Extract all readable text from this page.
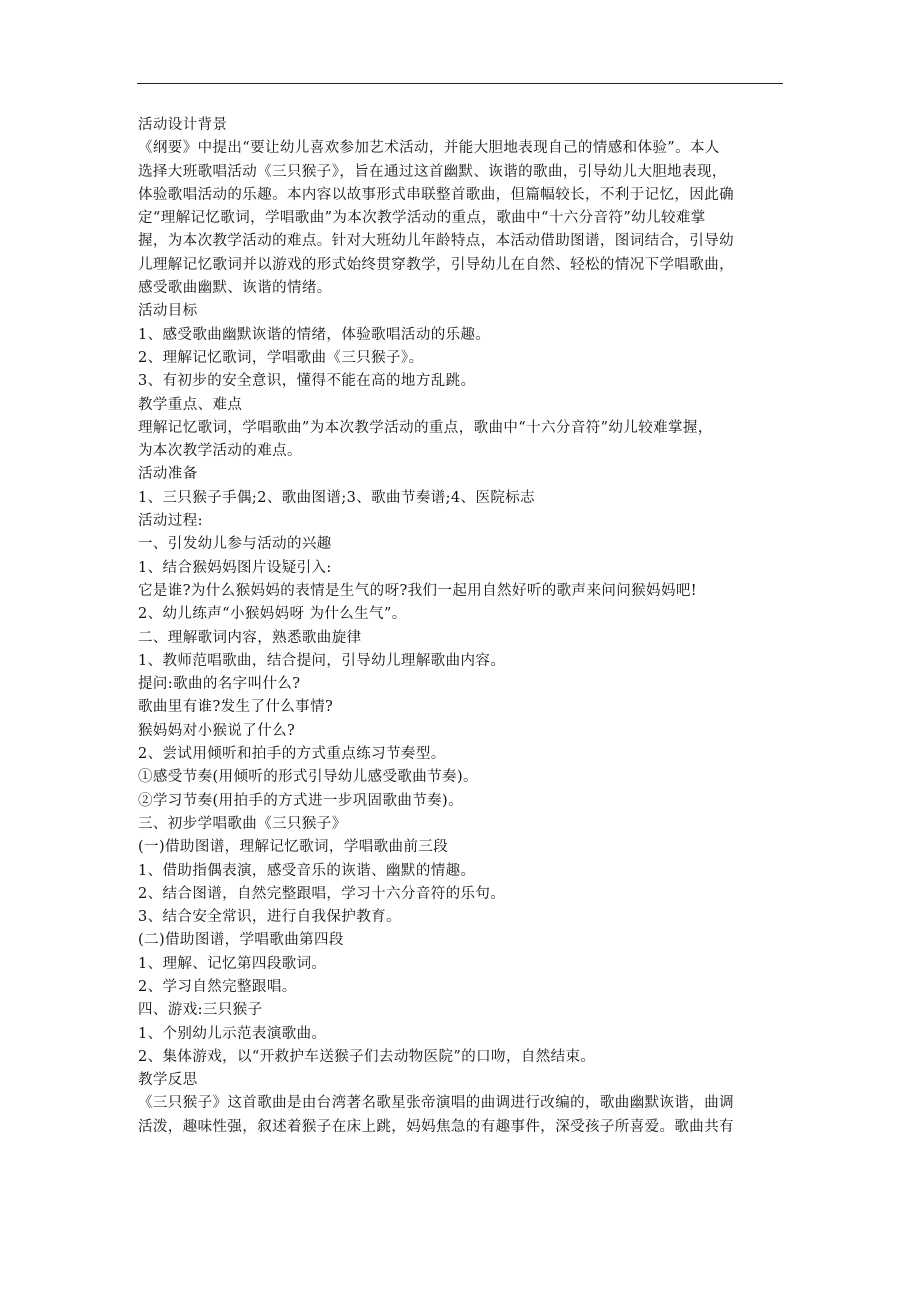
活动设计背景
《纲要》中提出“要让幼儿喜欢参加艺术活动，并能大胆地表现自己的情感和体验”。本人
选择大班歌唱活动《三只猴子》，旨在通过这首幽默、诙谐的歌曲，引导幼儿大胆地表现，
体验歌唱活动的乐趣。本内容以故事形式串联整首歌曲，但篇幅较长，不利于记忆，因此确
定“理解记忆歌词，学唱歌曲”为本次教学活动的重点，歌曲中“十六分音符”幼儿较难掌
握，为本次教学活动的难点。针对大班幼儿年龄特点，本活动借助图谱，图词结合，引导幼
儿理解记忆歌词并以游戏的形式始终贯穿教学，引导幼儿在自然、轻松的情况下学唱歌曲，
感受歌曲幽默、诙谐的情绪。
活动目标
1、感受歌曲幽默诙谐的情绪，体验歌唱活动的乐趣。
2、理解记忆歌词，学唱歌曲《三只猴子》。
3、有初步的安全意识，懂得不能在高的地方乱跳。
教学重点、难点
理解记忆歌词，学唱歌曲”为本次教学活动的重点，歌曲中“十六分音符”幼儿较难掌握，
为本次教学活动的难点。
活动准备
1、三只猴子手偶;2、歌曲图谱;3、歌曲节奏谱;4、医院标志
活动过程:
一、引发幼儿参与活动的兴趣
1、结合猴妈妈图片设疑引入:
它是谁?为什么猴妈妈的表情是生气的呀?我们一起用自然好听的歌声来问问猴妈妈吧!
2、幼儿练声“小猴妈妈呀 为什么生气”。
二、理解歌词内容，熟悉歌曲旋律
1、教师范唱歌曲，结合提问，引导幼儿理解歌曲内容。
提问:歌曲的名字叫什么?
歌曲里有谁?发生了什么事情?
猴妈妈对小猴说了什么?
2、尝试用倾听和拍手的方式重点练习节奏型。
①感受节奏(用倾听的形式引导幼儿感受歌曲节奏)。
②学习节奏(用拍手的方式进一步巩固歌曲节奏)。
三、初步学唱歌曲《三只猴子》
(一)借助图谱，理解记忆歌词，学唱歌曲前三段
1、借助指偶表演，感受音乐的诙谐、幽默的情趣。
2、结合图谱，自然完整跟唱，学习十六分音符的乐句。
3、结合安全常识，进行自我保护教育。
(二)借助图谱，学唱歌曲第四段
1、理解、记忆第四段歌词。
2、学习自然完整跟唱。
四、游戏:三只猴子
1、个别幼儿示范表演歌曲。
2、集体游戏，以“开救护车送猴子们去动物医院”的口吻，自然结束。
教学反思
《三只猴子》这首歌曲是由台湾著名歌星张帝演唱的曲调进行改编的，歌曲幽默诙谐，曲调
活泼，趣味性强，叙述着猴子在床上跳，妈妈焦急的有趣事件，深受孩子所喜爱。歌曲共有
